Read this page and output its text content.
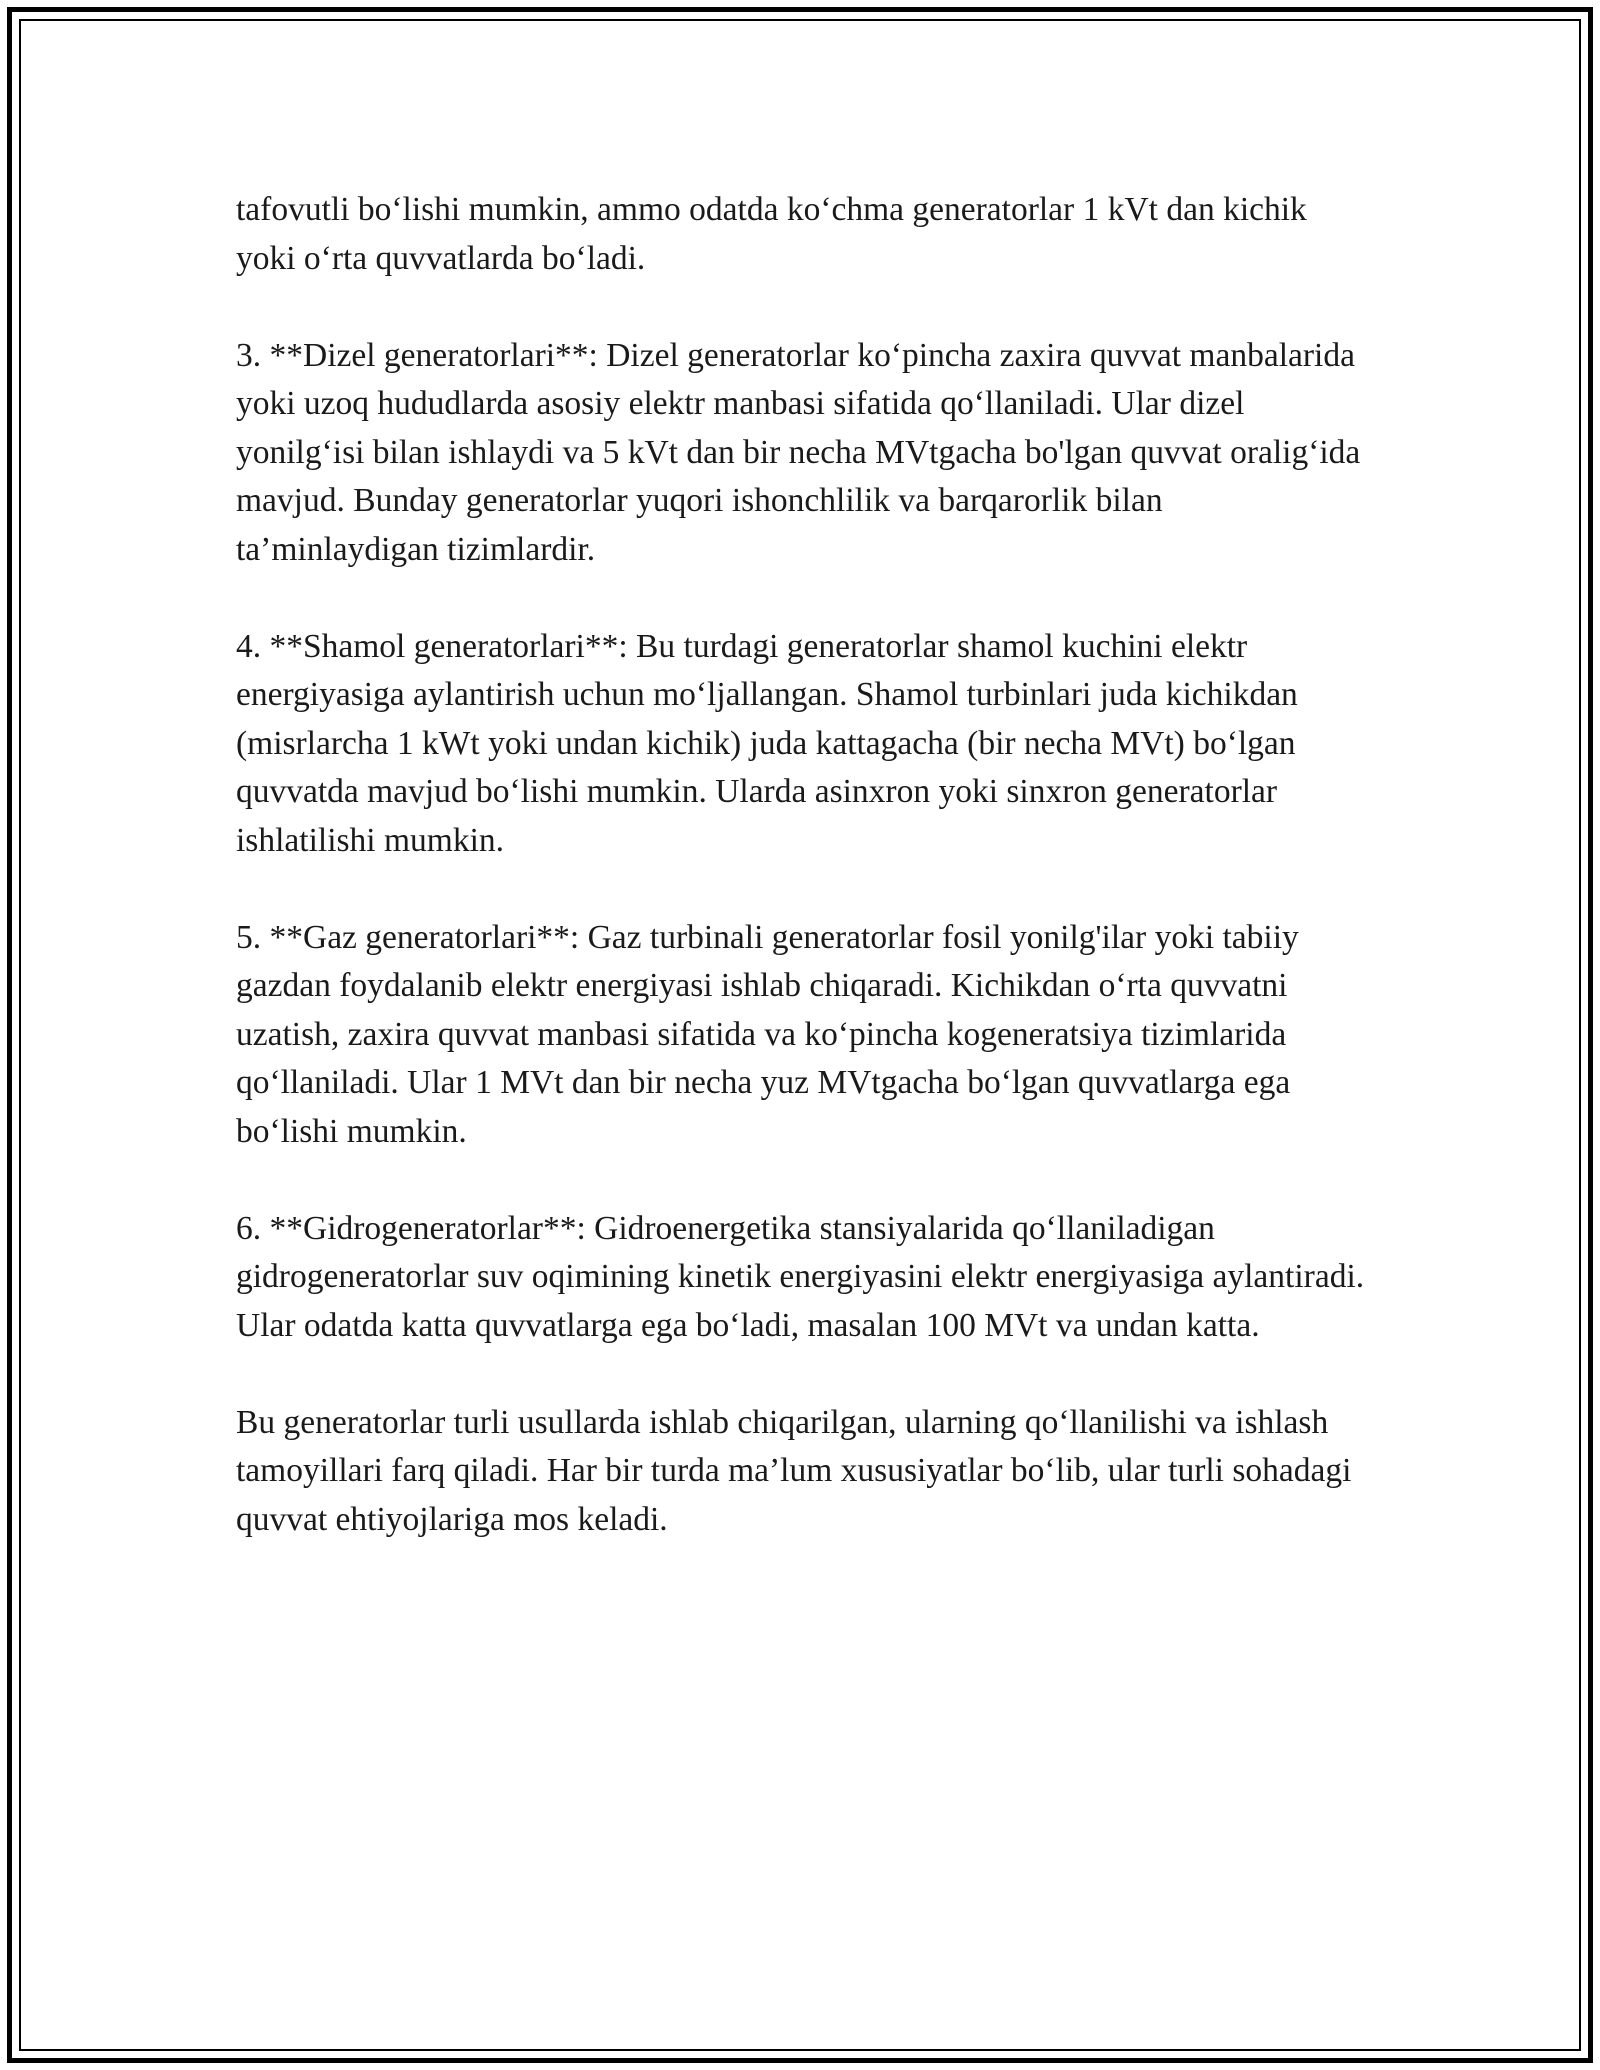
tafovutli bo‘lishi mumkin, ammo odatda ko‘chma generatorlar 1 kVt dan kichik yoki o‘rta quvvatlarda bo‘ladi.

3. **Dizel generatorlari**: Dizel generatorlar ko‘pincha zaxira quvvat manbalarida yoki uzoq hududlarda asosiy elektr manbasi sifatida qo‘llaniladi. Ular dizel yonilg‘isi bilan ishlaydi va 5 kVt dan bir necha MVtgacha bo'lgan quvvat oralig‘ida mavjud. Bunday generatorlar yuqori ishonchlilik va barqarorlik bilan ta’minlaydigan tizimlardir.

4. **Shamol generatorlari**: Bu turdagi generatorlar shamol kuchini elektr energiyasiga aylantirish uchun mo‘ljallangan. Shamol turbinlari juda kichikdan (misrlarcha 1 kWt yoki undan kichik) juda kattagacha (bir necha MVt) bo‘lgan quvvatda mavjud bo‘lishi mumkin. Ularda asinxron yoki sinxron generatorlar ishlatilishi mumkin.

5. **Gaz generatorlari**: Gaz turbinali generatorlar fosil yonilg'ilar yoki tabiiy gazdan foydalanib elektr energiyasi ishlab chiqaradi. Kichikdan o‘rta quvvatni uzatish, zaxira quvvat manbasi sifatida va ko‘pincha kogeneratsiya tizimlarida qo‘llaniladi. Ular 1 MVt dan bir necha yuz MVtgacha bo‘lgan quvvatlarga ega bo‘lishi mumkin.

6. **Gidrogeneratorlar**: Gidroenergetika stansiyalarida qo‘llaniladigan gidrogeneratorlar suv oqimining kinetik energiyasini elektr energiyasiga aylantiradi. Ular odatda katta quvvatlarga ega bo‘ladi, masalan 100 MVt va undan katta.

Bu generatorlar turli usullarda ishlab chiqarilgan, ularning qo‘llanilishi va ishlash tamoyillari farq qiladi. Har bir turda ma’lum xususiyatlar bo‘lib, ular turli sohadagi quvvat ehtiyojlariga mos keladi.
